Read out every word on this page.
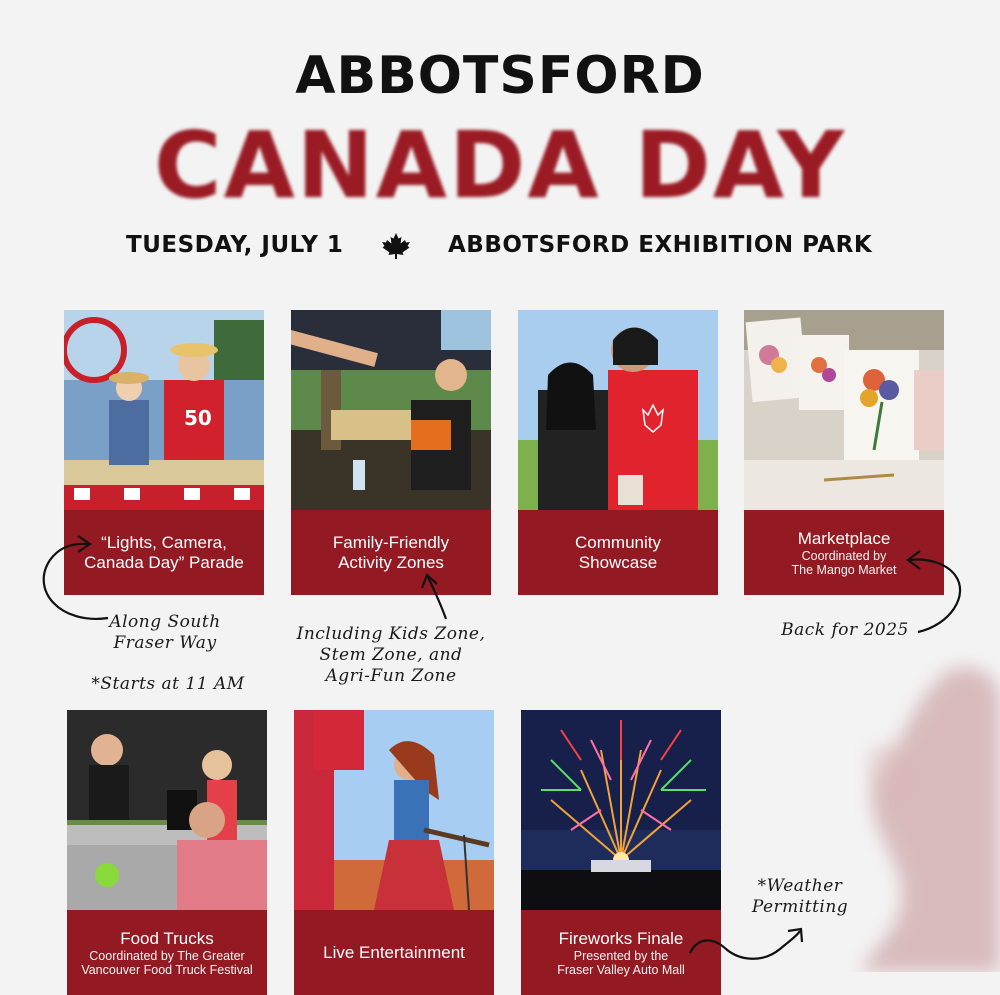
ABBOTSFORD
CANADA DAY
TUESDAY, JULY 1	ABBOTSFORD EXHIBITION PARK
50
“Lights, Camera,
Canada Day” Parade
Family-Friendly
Activity Zones
Community
Showcase
Marketplace
Coordinated by
The Mango Market
Food Trucks
Coordinated by The Greater
Vancouver Food Truck Festival
Live Entertainment
Fireworks Finale
Presented by the
Fraser Valley Auto Mall
Along South
Fraser Way
*Starts at 11 AM
Including Kids Zone,
Stem Zone, and
Agri-Fun Zone
Back for 2025
*Weather
Permitting
